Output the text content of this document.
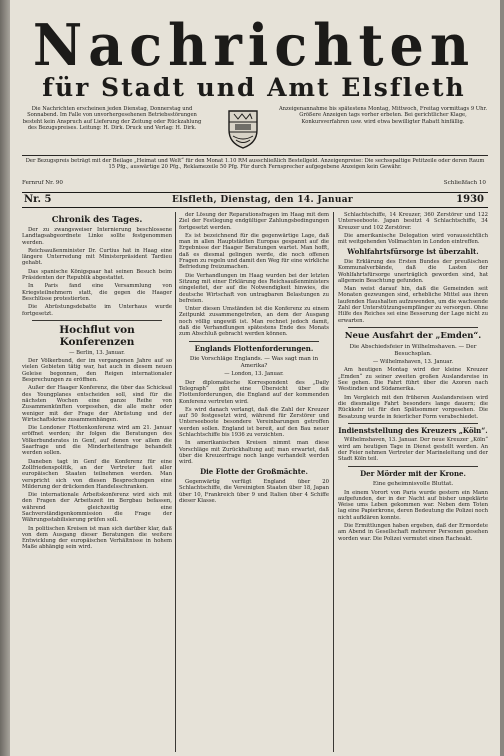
Nachrichten
für Stadt und Amt Elsfleth
Die Nachrichten erscheinen jeden Dienstag, Donnerstag und Sonnabend. Im Falle von unvorhergesehenen Betriebsstörungen besteht kein Anspruch auf Lieferung der Zeitung oder Rückzahlung des Bezugspreises. Leitung: H. Dirk. Druck und Verlag: H. Dirk.
Anzeigenannahme bis spätestens Montag, Mittwoch, Freitag vormittags 9 Uhr. Größere Anzeigen tags vorher erbeten. Bei gerichtlicher Klage, Konkursverfahren usw. wird etwa bewilligter Rabatt hinfällig.
Der Bezugspreis beträgt mit der Beilage „Heimat und Welt“ für den Monat 1.10 RM ausschließlich Bestellgeld. Anzeigenpreise: Die sechsspaltige Petitzeile oder deren Raum 15 Pfg., auswärtige 20 Pfg., Reklamezeile 50 Pfg. Für durch Fernsprecher aufgegebene Anzeigen kein Gewähr.
Fernruf Nr. 90	Schließfach 10
Nr. 5	Elsfleth, Dienstag, den 14. Januar	1930
Chronik des Tages.

Der zu zwangsweiser Internierung beschlossene Landtagsabgeordnete Linke sollte festgenommen werden.

Reichsaußenminister Dr. Curtius hat in Haag eine längere Unterredung mit Ministerpräsident Tardieu gehabt.

Das spanische Königspaar hat seinen Besuch beim Präsidenten der Republik abgestattet.

In Paris fand eine Versammlung von Kriegsteilnehmern statt, die gegen die Haager Beschlüsse protestierten.

Die Abrüstungsdebatte im Unterhaus wurde fortgesetzt.

Hochflut von Konferenzen
— Berlin, 13. Januar.

Der Völkerbund, der im vergangenen Jahre auf so vielen Gebieten tätig war, hat auch in diesem neuen Geleise begonnen, den Reigen internationaler Besprechungen zu eröffnen.

Außer der Haager Konferenz, die über das Schicksal des Youngplanes entscheiden soll, sind für die nächsten Wochen eine ganze Reihe von Zusammenkünften vorgesehen, die alle mehr oder weniger mit der Frage der Abrüstung und der Wirtschaftskrise zusammenhängen.

Die Londoner Flottenkonferenz wird am 21. Januar eröffnet werden; ihr folgen die Beratungen des Völkerbundsrates in Genf, auf denen vor allem die Saarfrage und die Minderheitenfrage behandelt werden sollen.

Daneben tagt in Genf die Konferenz für eine Zollfriedenspolitik, an der Vertreter fast aller europäischen Staaten teilnehmen werden. Man verspricht sich von diesen Besprechungen eine Milderung der drückenden Handelsschranken.

Die internationale Arbeitskonferenz wird sich mit den Fragen der Arbeitszeit im Bergbau befassen, während gleichzeitig eine Sachverständigenkommission die Frage der Währungsstabilisierung prüfen soll.

In politischen Kreisen ist man sich darüber klar, daß von dem Ausgang dieser Beratungen die weitere Entwicklung der europäischen Verhältnisse in hohem Maße abhängig sein wird.

der Lösung der Reparationsfragen im Haag mit dem Ziel der Festlegung endgültiger Zahlungsbedingungen fortgesetzt werden.

Es ist bezeichnend für die gegenwärtige Lage, daß man in allen Hauptstädten Europas gespannt auf die Ergebnisse der Haager Beratungen wartet. Man hofft, daß es diesmal gelingen werde, die noch offenen Fragen zu regeln und damit den Weg für eine wirkliche Befriedung freizumachen.

Die Verhandlungen im Haag wurden bei der letzten Sitzung mit einer Erklärung des Reichsaußenministers eingeleitet, der auf die Notwendigkeit hinwies, die deutsche Wirtschaft von untragbaren Belastungen zu befreien.

Unter diesen Umständen ist die Konferenz zu einem Zeitpunkt zusammengetreten, an dem der Ausgang noch völlig ungewiß ist. Man rechnet jedoch damit, daß die Verhandlungen spätestens Ende des Monats zum Abschluß gebracht werden können.

Englands Flottenforderungen.
Die Vorschläge Englands. — Was sagt man in Amerika?
— London, 13. Januar.

Der diplomatische Korrespondent des „Daily Telegraph“ gibt eine Übersicht über die Flottenforderungen, die England auf der kommenden Konferenz vertreten wird.

Es wird danach verlangt, daß die Zahl der Kreuzer auf 50 festgesetzt wird, während für Zerstörer und Unterseeboote besondere Vereinbarungen getroffen werden sollen. England ist bereit, auf den Bau neuer Schlachtschiffe bis 1936 zu verzichten.

In amerikanischen Kreisen nimmt man diese Vorschläge mit Zurückhaltung auf; man erwartet, daß über die Kreuzerfrage noch lange verhandelt werden wird.

Die Flotte der Großmächte.

Gegenwärtig verfügt England über 20 Schlachtschiffe, die Vereinigten Staaten über 18, Japan über 10, Frankreich über 9 und Italien über 4 Schiffe dieser Klasse.

Schlachtschiffe, 14 Kreuzer, 360 Zerstörer und 122 Unterseeboote. Japan besitzt 4 Schlachtschiffe, 34 Kreuzer und 102 Zerstörer.

Die amerikanische Delegation wird voraussichtlich mit weitgehenden Vollmachten in London eintreffen.

Wohlfahrtsfürsorge ist überzahlt.

Die Erklärung des Ersten Bundes der preußischen Kommunalverbände, daß die Lasten der Wohlfahrtsfürsorge unerträglich geworden sind, hat allgemein Beachtung gefunden.

Man weist darauf hin, daß die Gemeinden seit Monaten gezwungen sind, erhebliche Mittel aus ihren laufenden Haushalten aufzuwenden, um die wachsende Zahl der Unterstützungsempfänger zu versorgen. Ohne Hilfe des Reiches sei eine Besserung der Lage nicht zu erwarten.

Neue Ausfahrt der „Emden“.
Die Abschiedsfeier in Wilhelmshaven. — Der Besuchsplan.
— Wilhelmshaven, 13. Januar.

Am heutigen Montag wird der kleine Kreuzer „Emden“ zu seiner zweiten großen Auslandsreise in See gehen. Die Fahrt führt über die Azoren nach Westindien und Südamerika.

Im Vergleich mit den früheren Auslandsreisen wird die diesmalige Fahrt besonders lange dauern; die Rückkehr ist für den Spätsommer vorgesehen. Die Besatzung wurde in feierlicher Form verabschiedet.

Indienststellung des Kreuzers „Köln“.

Wilhelmshaven, 13. Januar. Der neue Kreuzer „Köln“ wird am heutigen Tage in Dienst gestellt werden. An der Feier nehmen Vertreter der Marineleitung und der Stadt Köln teil.

Der Mörder mit der Krone.
Eine geheimnisvolle Bluttat.

In einem Vorort von Paris wurde gestern ein Mann aufgefunden, der in der Nacht auf bisher ungeklärte Weise ums Leben gekommen war. Neben dem Toten lag eine Papierkrone, deren Bedeutung die Polizei noch nicht aufklären konnte.

Die Ermittlungen haben ergeben, daß der Ermordete am Abend in Gesellschaft mehrerer Personen gesehen worden war. Die Polizei vermutet einen Racheakt.
